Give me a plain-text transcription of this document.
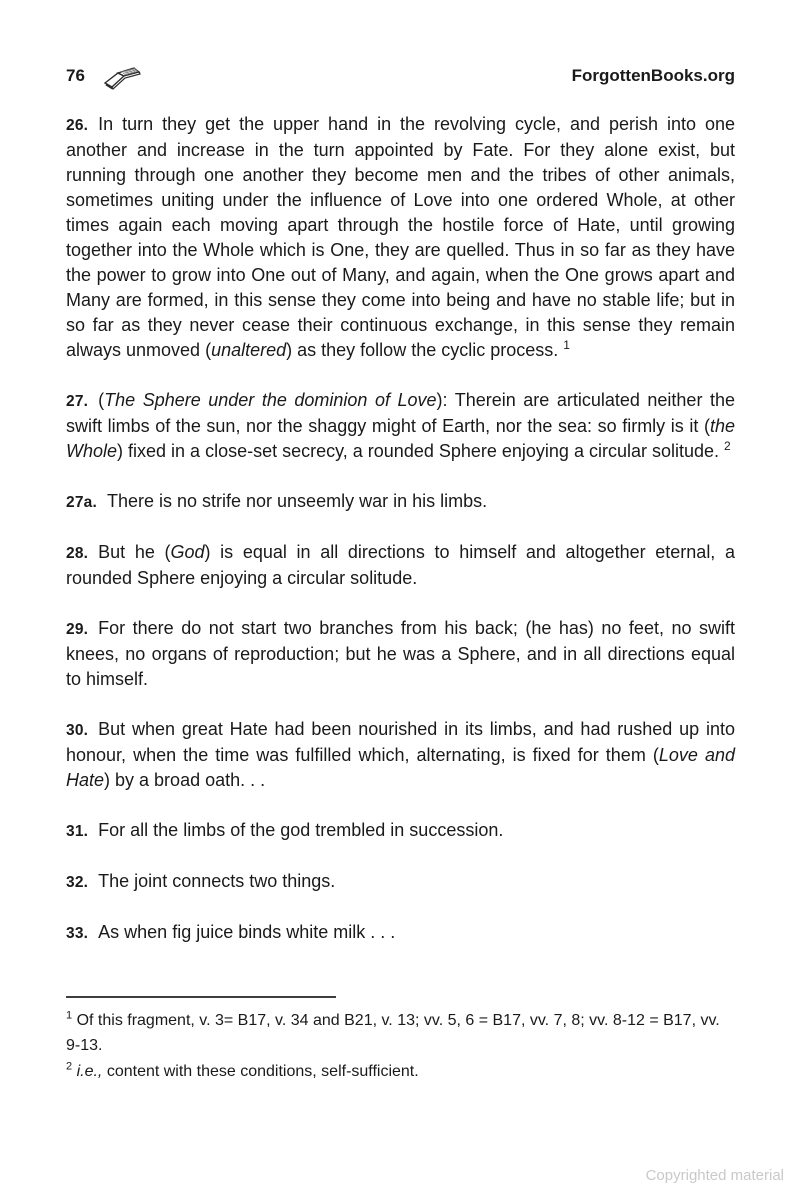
76	ForgottenBooks.org

26. In turn they get the upper hand in the revolving cycle, and perish into one another and increase in the turn appointed by Fate. For they alone exist, but running through one another they become men and the tribes of other animals, sometimes uniting under the influence of Love into one ordered Whole, at other times again each moving apart through the hostile force of Hate, until growing together into the Whole which is One, they are quelled. Thus in so far as they have the power to grow into One out of Many, and again, when the One grows apart and Many are formed, in this sense they come into being and have no stable life; but in so far as they never cease their continuous exchange, in this sense they remain always unmoved (unaltered) as they follow the cyclic process. $^1$

27. (The Sphere under the dominion of Love): Therein are articulated neither the swift limbs of the sun, nor the shaggy might of Earth, nor the sea: so firmly is it (the Whole) fixed in a close-set secrecy, a rounded Sphere enjoying a circular solitude. $^2$

27a. There is no strife nor unseemly war in his limbs.

28. But he (God) is equal in all directions to himself and altogether eternal, a rounded Sphere enjoying a circular solitude.

29. For there do not start two branches from his back; (he has) no feet, no swift knees, no organs of reproduction; but he was a Sphere, and in all directions equal to himself.

30. But when great Hate had been nourished in its limbs, and had rushed up into honour, when the time was fulfilled which, alternating, is fixed for them (Love and Hate) by a broad oath. . .

31. For all the limbs of the god trembled in succession.

32. The joint connects two things.

33. As when fig juice binds white milk . . .

$^1$ Of this fragment, v. 3= B17, v. 34 and B21, v. 13; vv. 5, 6 = B17, vv. 7, 8; vv. 8-12 = B17, vv. 9-13.

$^2$ i.e., content with these conditions, self-sufficient.

Copyrighted material
